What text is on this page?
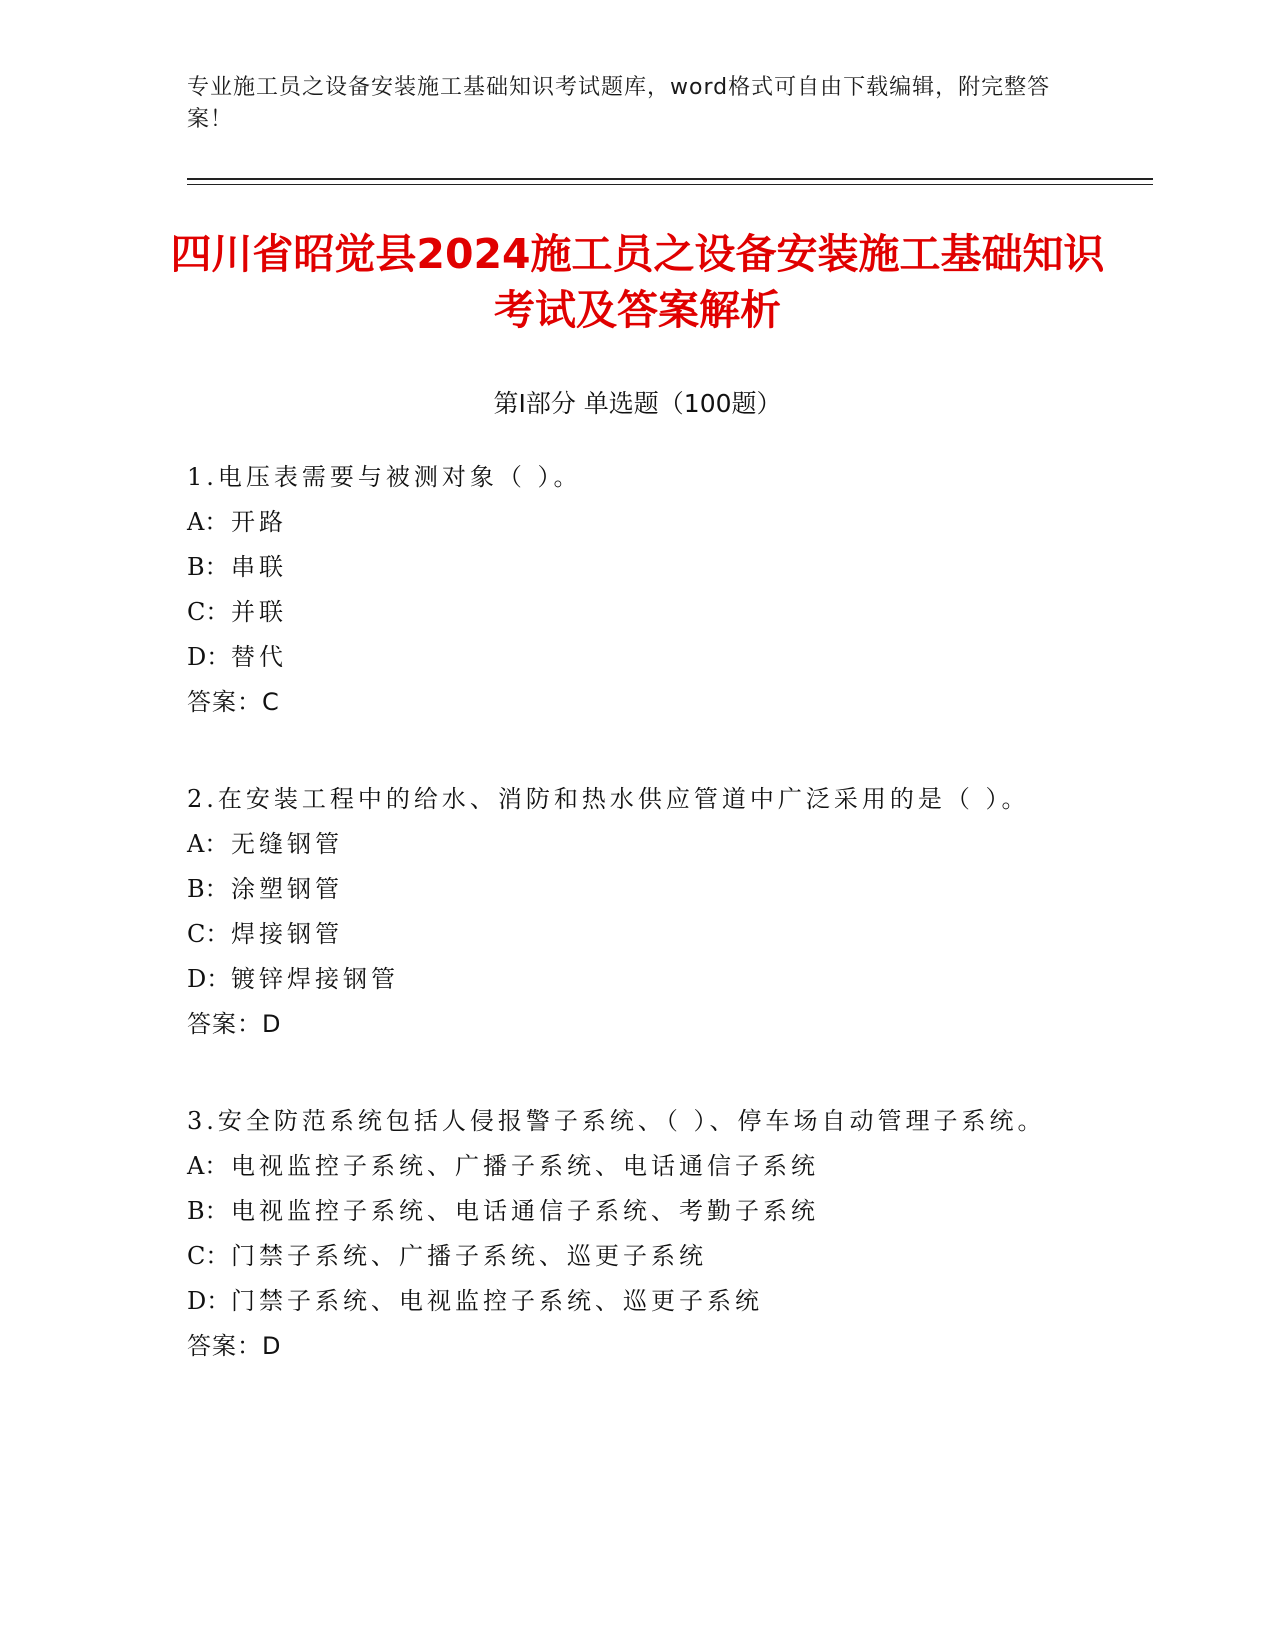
专业施工员之设备安装施工基础知识考试题库，word格式可自由下载编辑，附完整答案！
四川省昭觉县2024施工员之设备安装施工基础知识考试及答案解析
第Ⅰ部分 单选题（100题）

1.电压表需要与被测对象（ ）。

A： 开路

B：串联

C：并联

D：替代

答案：C

2.在安装工程中的给水、消防和热水供应管道中广泛采用的是（ ）。

A： 无缝钢管

B：涂塑钢管

C：焊接钢管

D：镀锌焊接钢管

答案：D

3.安全防范系统包括人侵报警子系统、（ ）、停车场自动管理子系统。

A： 电视监控子系统、广播子系统、电话通信子系统

B：电视监控子系统、电话通信子系统、考勤子系统

C：门禁子系统、广播子系统、巡更子系统

D：门禁子系统、电视监控子系统、巡更子系统

答案：D
